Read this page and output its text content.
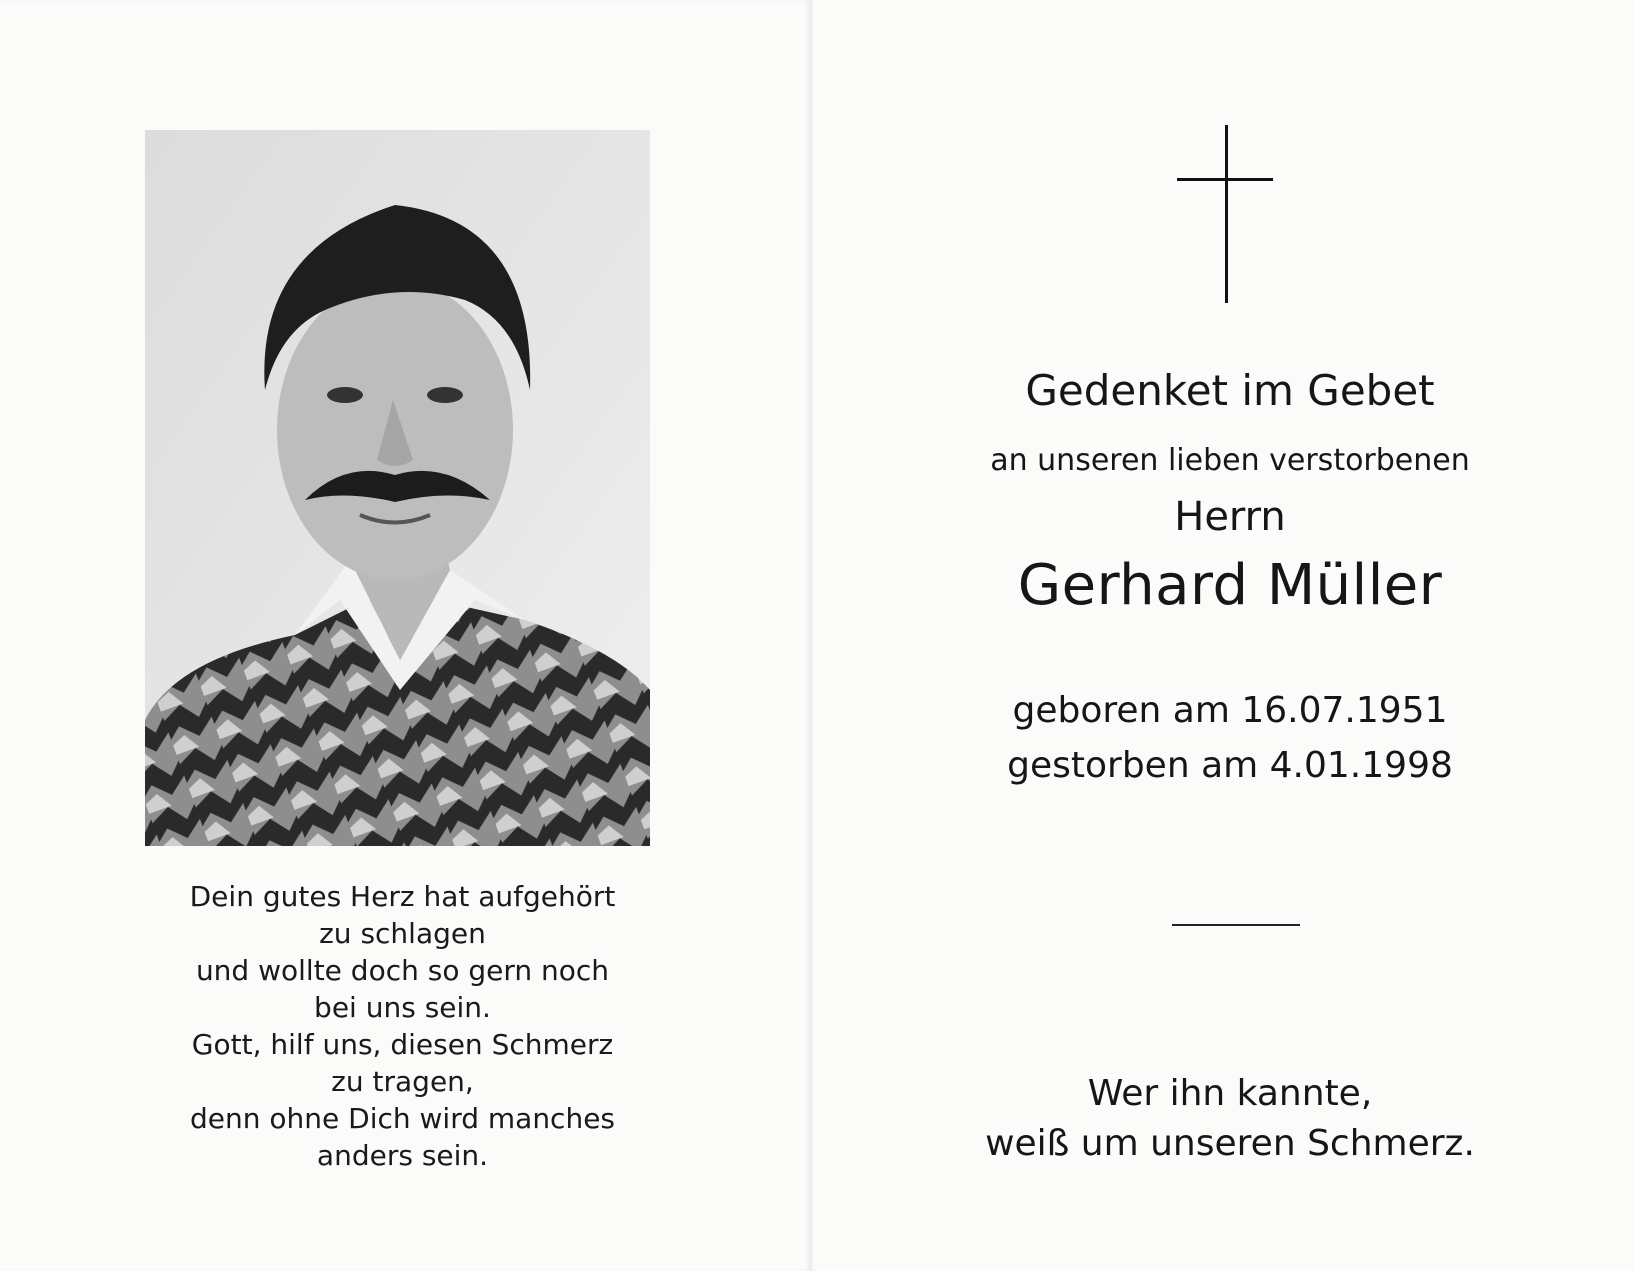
Dein gutes Herz hat aufgehört
zu schlagen
und wollte doch so gern noch
bei uns sein.
Gott, hilf uns, diesen Schmerz
zu tragen,
denn ohne Dich wird manches
anders sein.
Gedenket im Gebet
an unseren lieben verstorbenen
Herrn
Gerhard Müller
geboren am 16.07.1951
gestorben am 4.01.1998
Wer ihn kannte,
weiß um unseren Schmerz.
